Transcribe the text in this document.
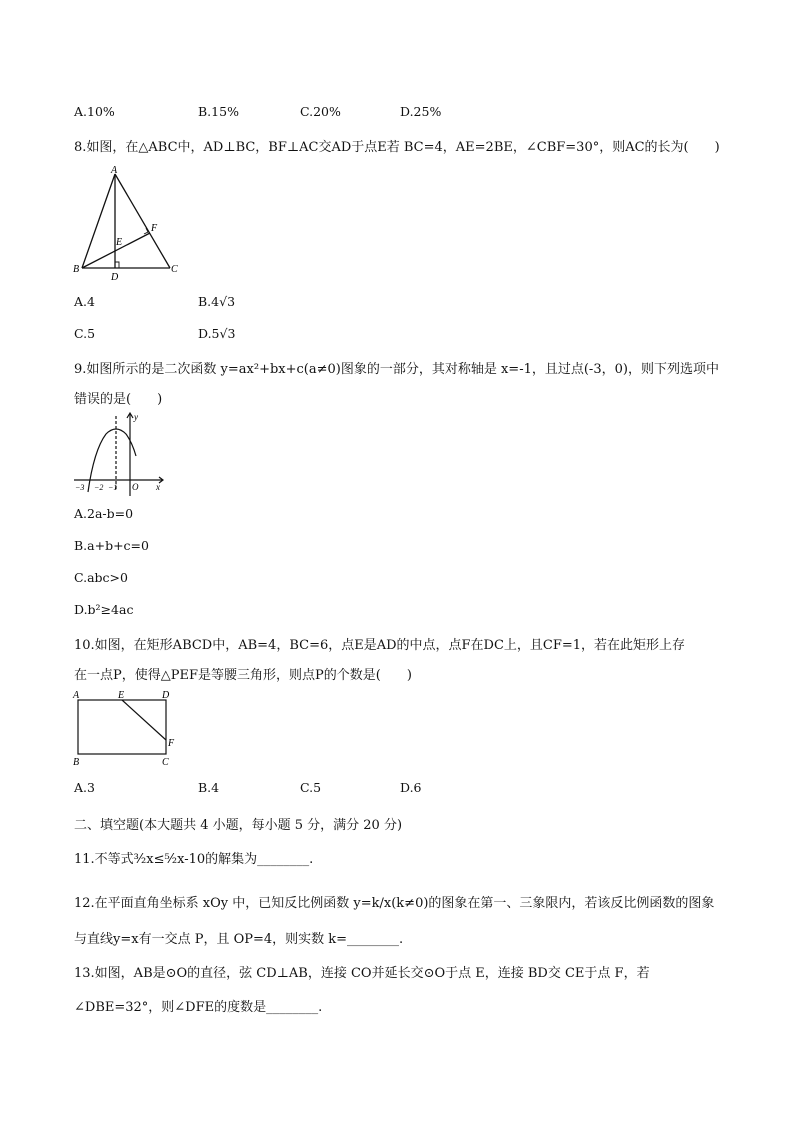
A.10%	B.15%	C.20%	D.25%
8.如图，在△ABC中，AD⊥BC，BF⊥AC交AD于点E若 BC=4，AE=2BE，∠CBF=30°，则AC的长为(　　)
A
B	C
D
E
F
A.4	B.4√3
C.5	D.5√3
9.如图所示的是二次函数 y=ax²+bx+c(a≠0)图象的一部分，其对称轴是 x=-1，且过点(-3，0)，则下列选项中
错误的是(　　)
y
x
O
−3 −2 −1
A.2a-b=0
B.a+b+c=0
C.abc>0
D.b²≥4ac
10.如图，在矩形ABCD中，AB=4，BC=6，点E是AD的中点，点F在DC上，且CF=1，若在此矩形上存
在一点P，使得△PEF是等腰三角形，则点P的个数是(　　)
A	E	D
F
B	C
A.3	B.4	C.5	D.6
二、填空题(本大题共 4 小题，每小题 5 分，满分 20 分)
11.不等式³⁄₂x≤⁵⁄₂x-10的解集为________.
12.在平面直角坐标系 xOy 中，已知反比例函数 y=k/x(k≠0)的图象在第一、三象限内，若该反比例函数的图象
与直线y=x有一交点 P，且 OP=4，则实数 k=________.
13.如图，AB是⊙O的直径，弦 CD⊥AB，连接 CO并延长交⊙O于点 E，连接 BD交 CE于点 F，若
∠DBE=32°，则∠DFE的度数是________.
